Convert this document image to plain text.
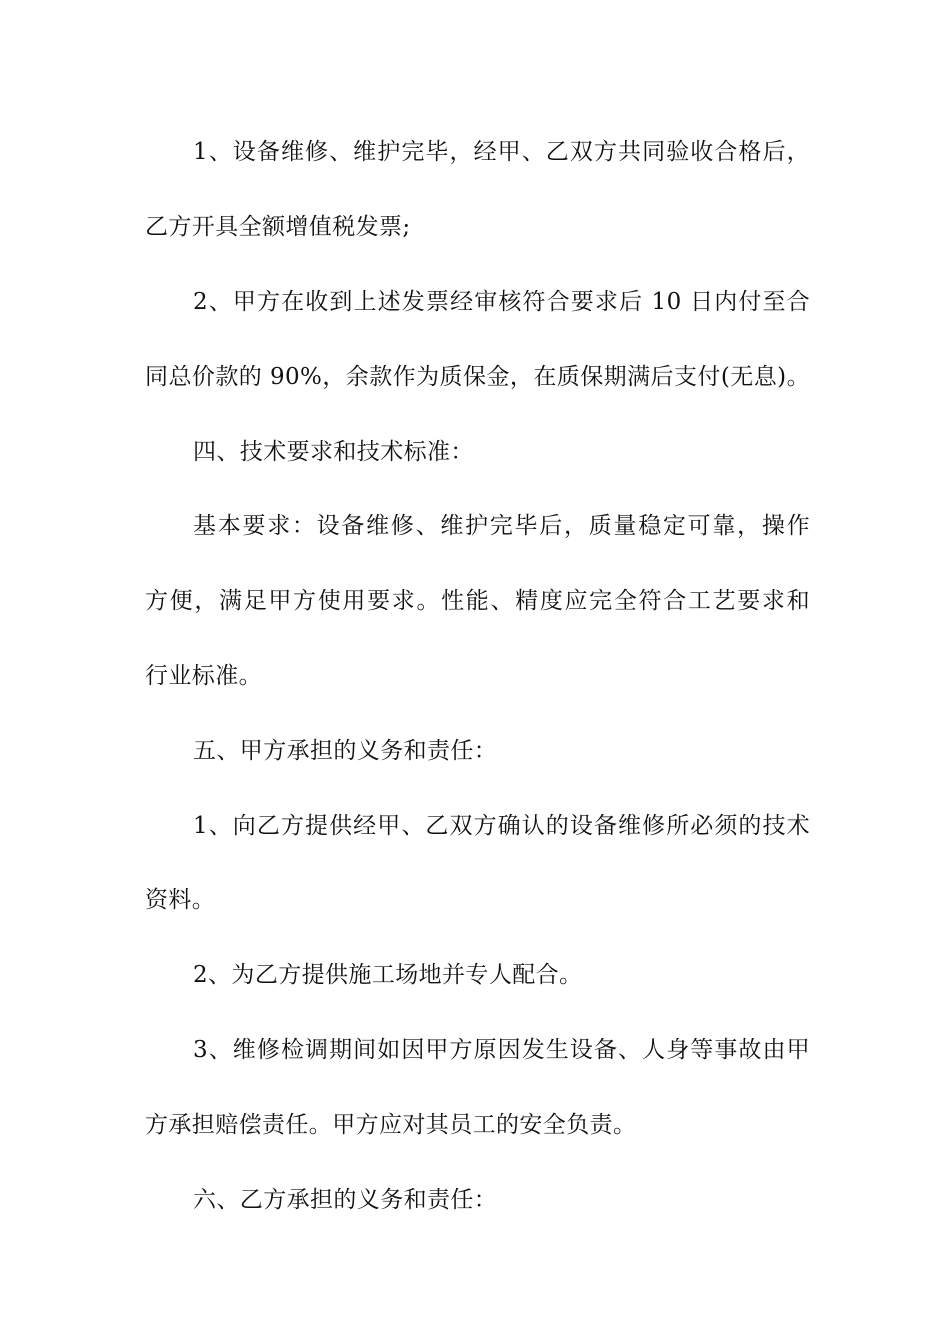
1、设备维修、维护完毕，经甲、乙双方共同验收合格后，
乙方开具全额增值税发票;
2、甲方在收到上述发票经审核符合要求后 10 日内付至合
同总价款的 90%，余款作为质保金，在质保期满后支付(无息)。
四、技术要求和技术标准：
基本要求：设备维修、维护完毕后，质量稳定可靠，操作
方便，满足甲方使用要求。性能、精度应完全符合工艺要求和
行业标准。
五、甲方承担的义务和责任：
1、向乙方提供经甲、乙双方确认的设备维修所必须的技术
资料。
2、为乙方提供施工场地并专人配合。
3、维修检调期间如因甲方原因发生设备、人身等事故由甲
方承担赔偿责任。甲方应对其员工的安全负责。
六、乙方承担的义务和责任：
